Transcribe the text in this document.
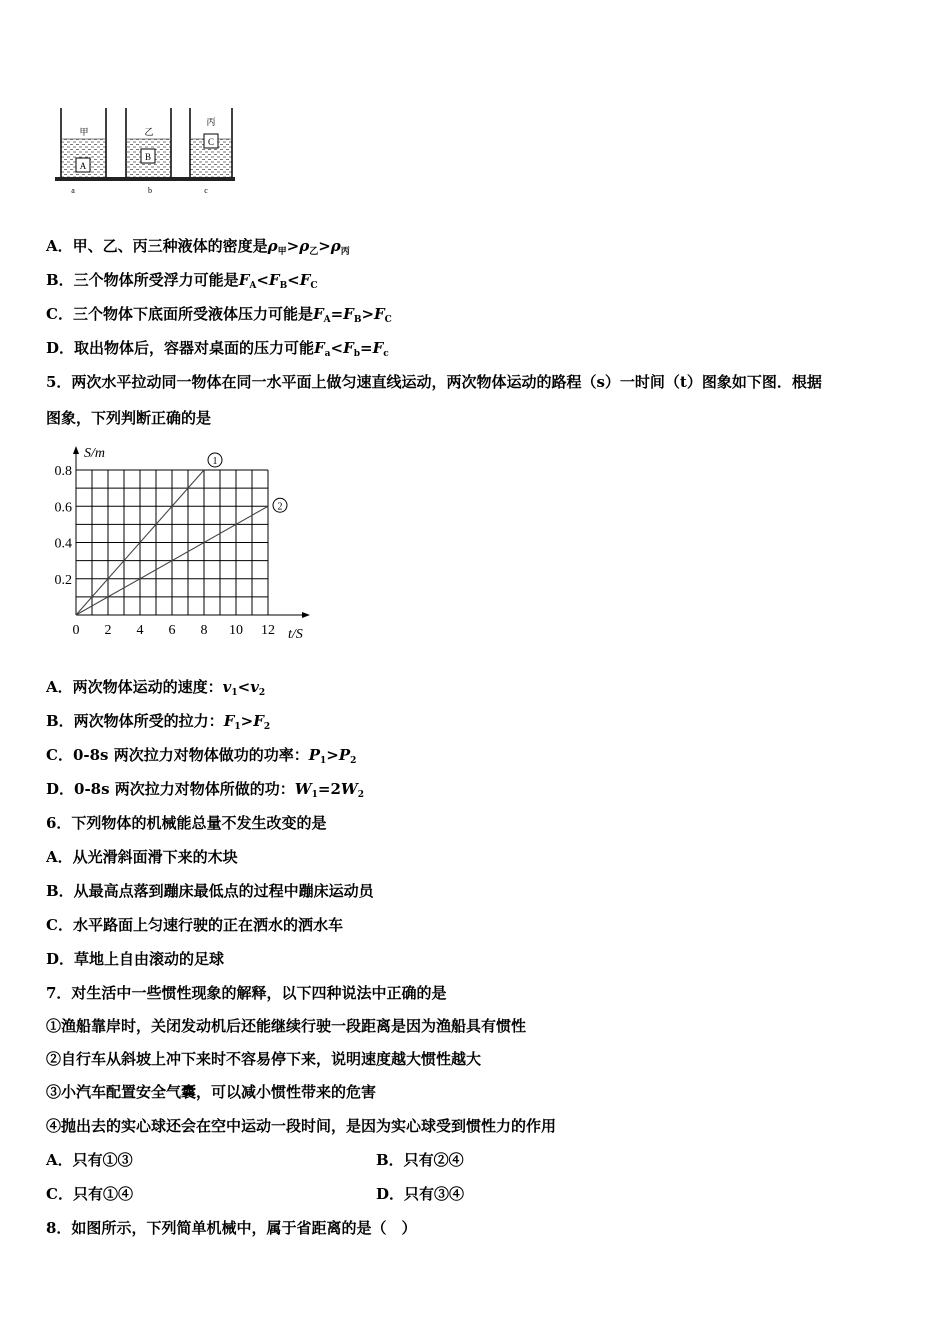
A
甲
a
B
乙
b
C
丙
c
A．甲、乙、丙三种液体的密度是$\rho_甲>\rho_乙>\rho_丙$
B．三个物体所受浮力可能是$F_A<F_B<F_C$
C．三个物体下底面所受液体压力可能是$F_A=F_B>F_C$
D．取出物体后，容器对桌面的压力可能$F_a<F_b=F_c$
5．两次水平拉动同一物体在同一水平面上做匀速直线运动，两次物体运动的路程（s）一时间（t）图象如下图．根据
图象，下列判断正确的是
0 2 4 6 8 10 12
0.2
0.4
0.6
0.8
1
2
S/m
t/S
A．两次物体运动的速度：$v_1<v_2$
B．两次物体所受的拉力：$F_1>F_2$
C．0-8s 两次拉力对物体做功的功率：$P_1>P_2$
D．0-8s 两次拉力对物体所做的功：$W_1=2W_2$
6．下列物体的机械能总量不发生改变的是
A．从光滑斜面滑下来的木块
B．从最高点落到蹦床最低点的过程中蹦床运动员
C．水平路面上匀速行驶的正在洒水的洒水车
D．草地上自由滚动的足球
7．对生活中一些惯性现象的解释，以下四种说法中正确的是
①渔船靠岸时，关闭发动机后还能继续行驶一段距离是因为渔船具有惯性
②自行车从斜坡上冲下来时不容易停下来，说明速度越大惯性越大
③小汽车配置安全气囊，可以减小惯性带来的危害
④抛出去的实心球还会在空中运动一段时间，是因为实心球受到惯性力的作用
A．只有①③	B．只有②④
C．只有①④	D．只有③④
8．如图所示，下列简单机械中，属于省距离的是（　）
